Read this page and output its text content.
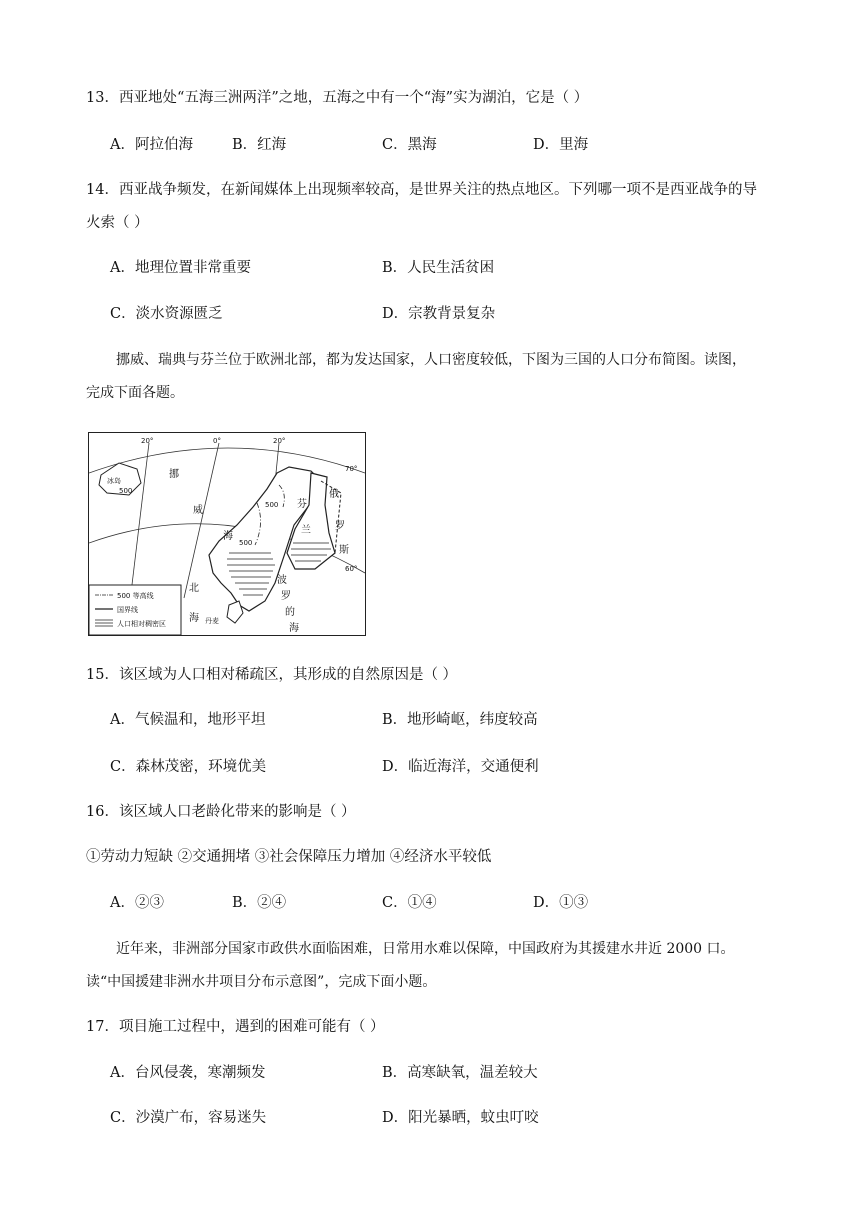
13．西亚地处“五海三洲两洋”之地，五海之中有一个“海”实为湖泊，它是（ ）
A．阿拉伯海	B．红海	C．黑海	D．里海
14．西亚战争频发，在新闻媒体上出现频率较高，是世界关注的热点地区。下列哪一项不是西亚战争的导
火索（ ）
A．地理位置非常重要	B．人民生活贫困
C．淡水资源匮乏	D．宗教背景复杂
挪威、瑞典与芬兰位于欧洲北部，都为发达国家，人口密度较低，下图为三国的人口分布简图。读图，
完成下面各题。
20°	0°	20°
70°
60°
挪
威
海
芬
兰
俄
罗
斯
北
海
波
罗
的
海
丹麦
冰岛
500
500
500
500 等高线
国界线
人口相对稠密区
15．该区域为人口相对稀疏区，其形成的自然原因是（ ）
A．气候温和，地形平坦	B．地形崎岖，纬度较高
C．森林茂密，环境优美	D．临近海洋，交通便利
16．该区域人口老龄化带来的影响是（ ）
①劳动力短缺 ②交通拥堵 ③社会保障压力增加 ④经济水平较低
A．②③	B．②④	C．①④	D．①③
近年来，非洲部分国家市政供水面临困难，日常用水难以保障，中国政府为其援建水井近 2000 口。
读“中国援建非洲水井项目分布示意图”，完成下面小题。
17．项目施工过程中，遇到的困难可能有（ ）
A．台风侵袭，寒潮频发	B．高寒缺氧，温差较大
C．沙漠广布，容易迷失	D．阳光暴晒，蚊虫叮咬
